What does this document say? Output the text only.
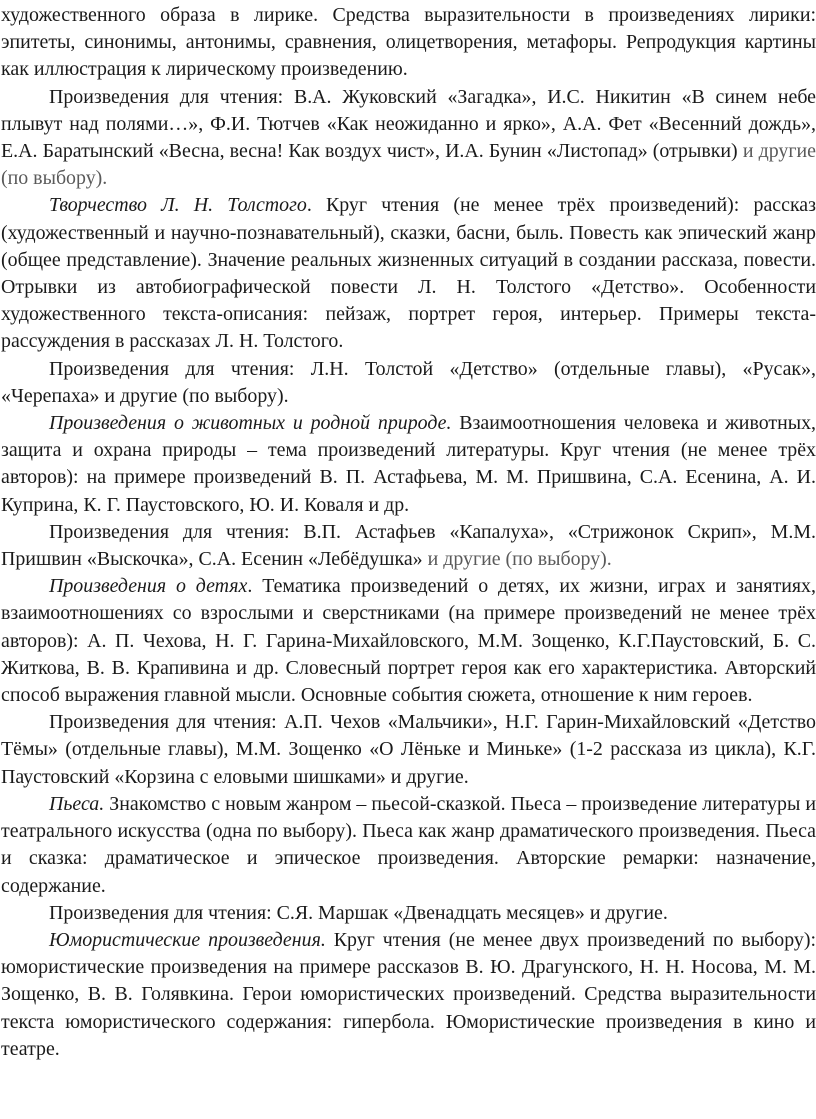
художественного образа в лирике. Средства выразительности в произведениях лирики: эпитеты, синонимы, антонимы, сравнения, олицетворения, метафоры. Репродукция картины как иллюстрация к лирическому произведению.

Произведения для чтения: В.А. Жуковский «Загадка», И.С. Никитин «В синем небе плывут над полями…», Ф.И. Тютчев «Как неожиданно и ярко», А.А. Фет «Весенний дождь», Е.А. Баратынский «Весна, весна! Как воздух чист», И.А. Бунин «Листопад» (отрывки) и другие (по выбору).

Творчество Л. Н. Толстого. Круг чтения (не менее трёх произведений): рассказ (художественный и научно-познавательный), сказки, басни, быль. Повесть как эпический жанр (общее представление). Значение реальных жизненных ситуаций в создании рассказа, повести. Отрывки из автобиографической повести Л. Н. Толстого «Детство». Особенности художественного текста-описания: пейзаж, портрет героя, интерьер. Примеры текста-рассуждения в рассказах Л. Н. Толстого.

Произведения для чтения: Л.Н. Толстой «Детство» (отдельные главы), «Русак», «Черепаха» и другие (по выбору).

Произведения о животных и родной природе. Взаимоотношения человека и животных, защита и охрана природы – тема произведений литературы. Круг чтения (не менее трёх авторов): на примере произведений В. П. Астафьева, М. М. Пришвина, С.А. Есенина, А. И. Куприна, К. Г. Паустовского, Ю. И. Коваля и др.

Произведения для чтения: В.П. Астафьев «Капалуха», «Стрижонок Скрип», М.М. Пришвин «Выскочка», С.А. Есенин «Лебёдушка» и другие (по выбору).

Произведения о детях. Тематика произведений о детях, их жизни, играх и занятиях, взаимоотношениях со взрослыми и сверстниками (на примере произведений не менее трёх авторов): А. П. Чехова, Н. Г. Гарина-Михайловского, М.М. Зощенко, К.Г.Паустовский, Б. С. Житкова, В. В. Крапивина и др. Словесный портрет героя как его характеристика. Авторский способ выражения главной мысли. Основные события сюжета, отношение к ним героев.

Произведения для чтения: А.П. Чехов «Мальчики», Н.Г. Гарин-Михайловский «Детство Тёмы» (отдельные главы), М.М. Зощенко «О Лёньке и Миньке» (1-2 рассказа из цикла), К.Г. Паустовский «Корзина с еловыми шишками» и другие.

Пьеса. Знакомство с новым жанром – пьесой-сказкой. Пьеса – произведение литературы и театрального искусства (одна по выбору). Пьеса как жанр драматического произведения. Пьеса и сказка: драматическое и эпическое произведения. Авторские ремарки: назначение, содержание.

Произведения для чтения: С.Я. Маршак «Двенадцать месяцев» и другие.

Юмористические произведения. Круг чтения (не менее двух произведений по выбору): юмористические произведения на примере рассказов В. Ю. Драгунского, Н. Н. Носова, М. М. Зощенко, В. В. Голявкина. Герои юмористических произведений. Средства выразительности текста юмористического содержания: гипербола. Юмористические произведения в кино и театре.
